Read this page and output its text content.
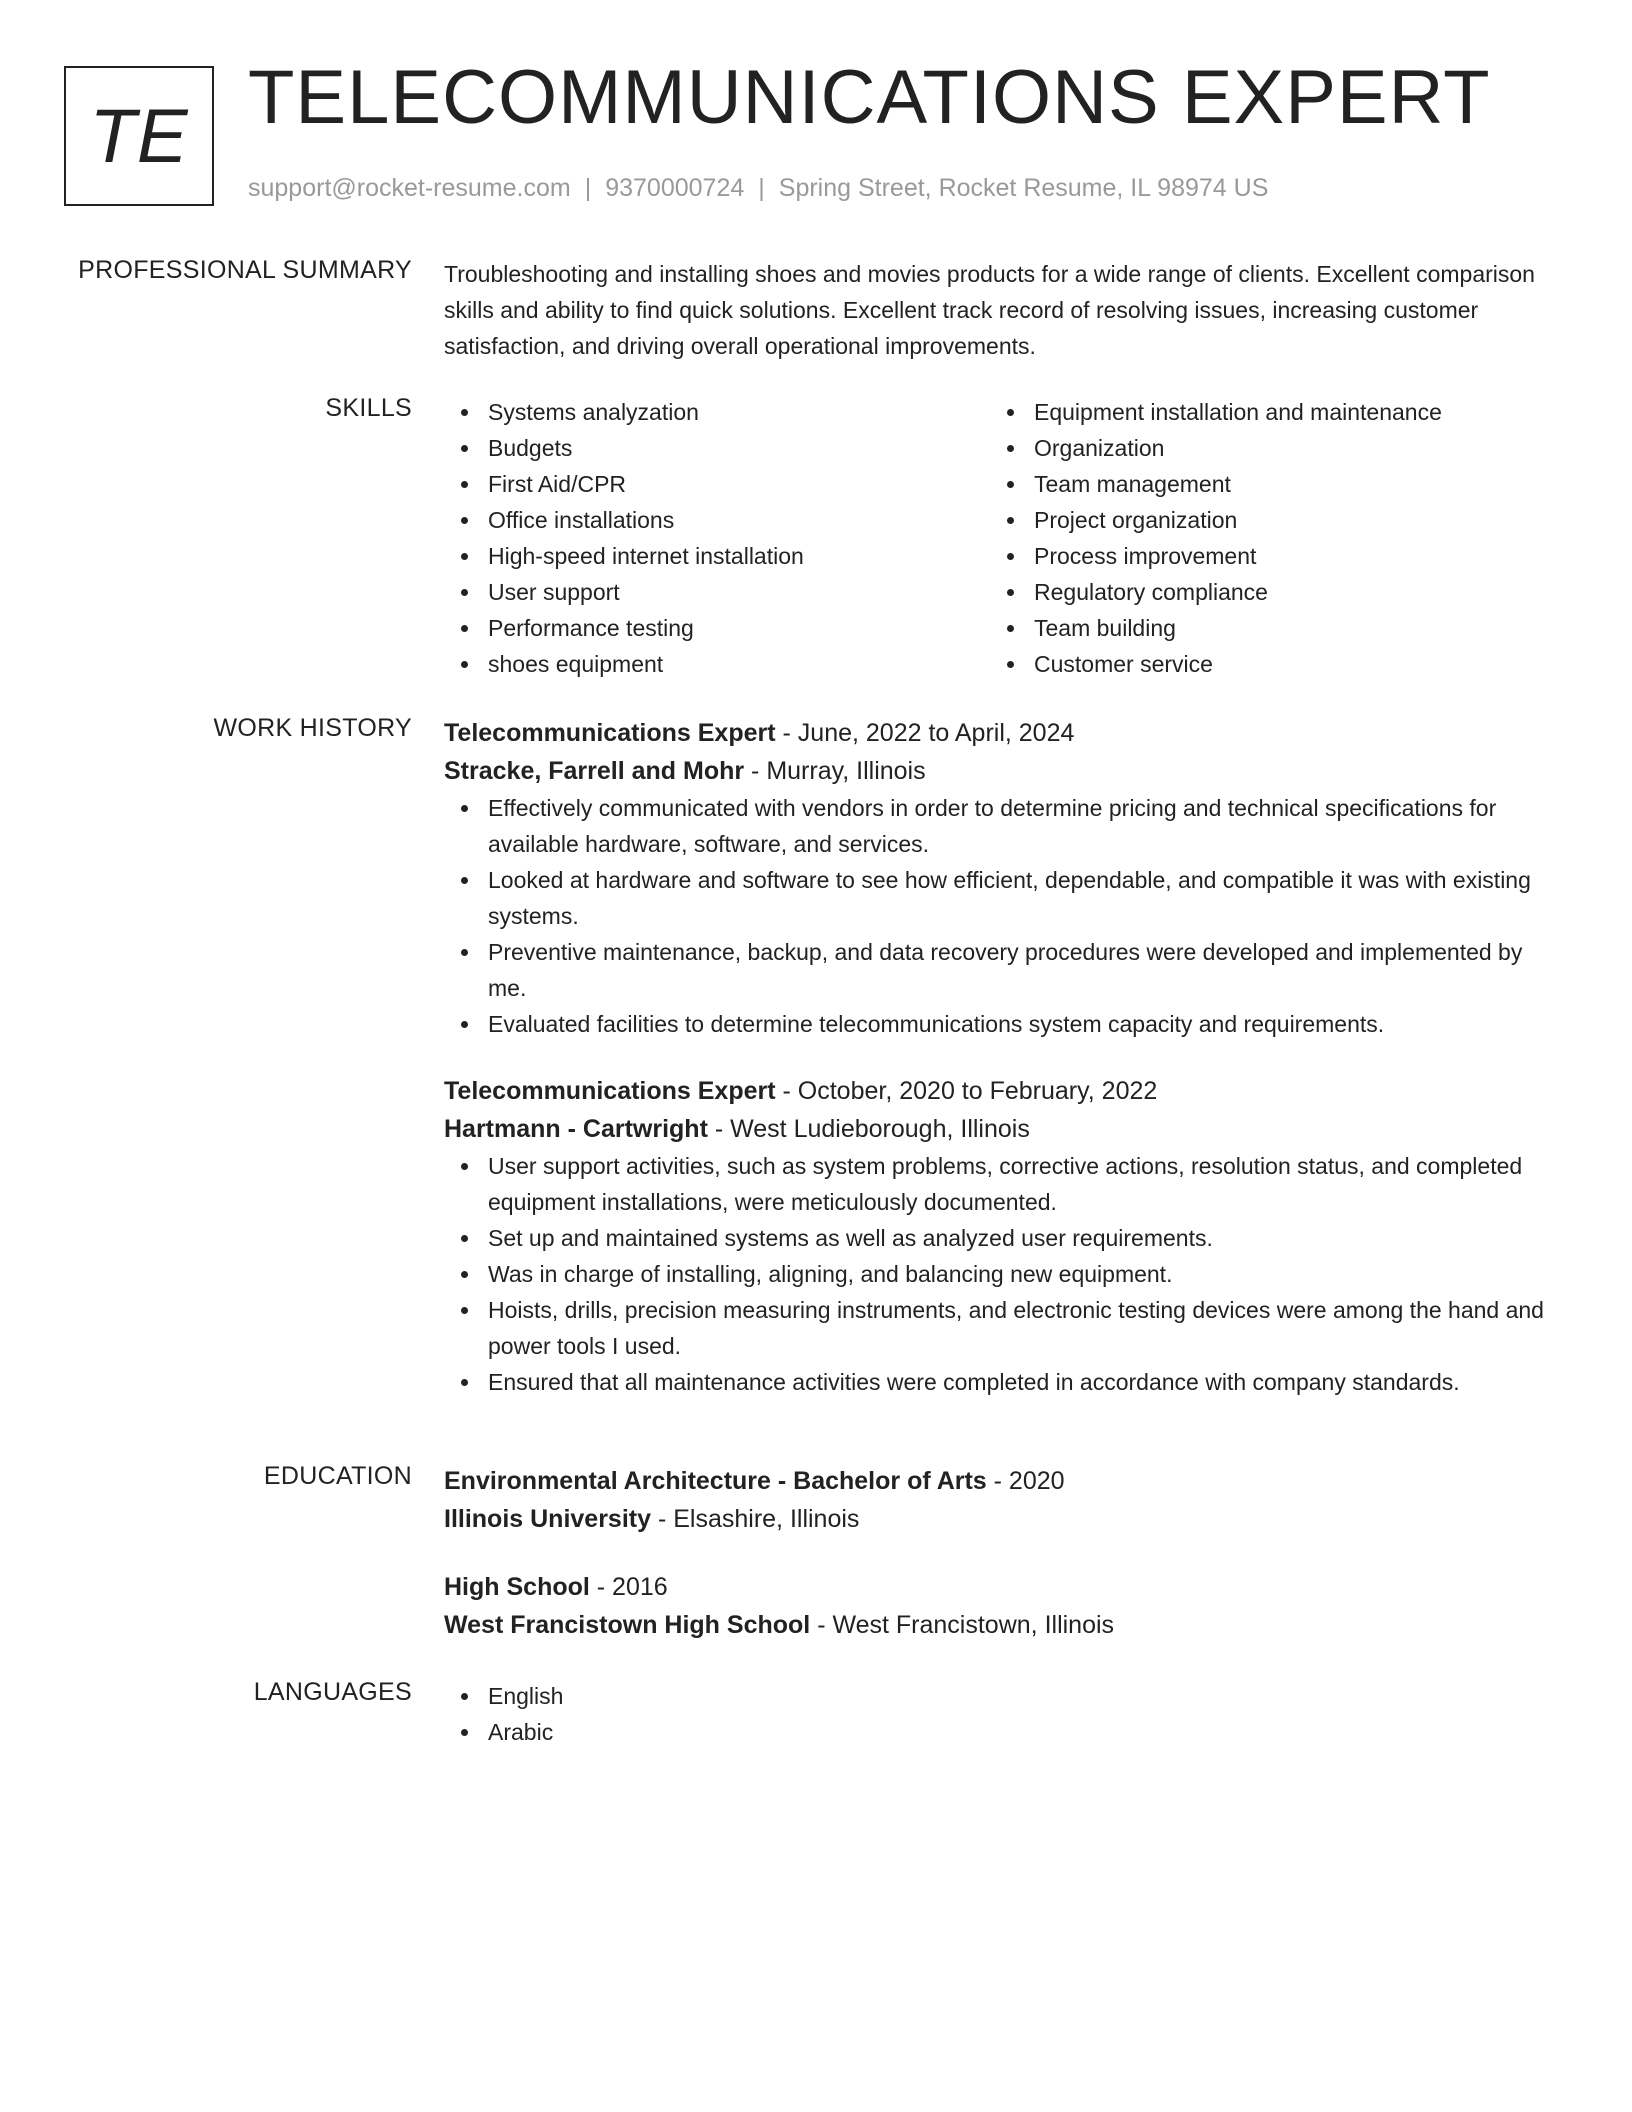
TE TELECOMMUNICATIONS EXPERT
support@rocket-resume.com | 9370000724 | Spring Street, Rocket Resume, IL 98974 US
PROFESSIONAL SUMMARY Troubleshooting and installing shoes and movies products for a wide range of clients. Excellent comparison skills and ability to find quick solutions. Excellent track record of resolving issues, increasing customer satisfaction, and driving overall operational improvements.

SKILLS	Systems analyzation
Budgets
First Aid/CPR
Office installations
High-speed internet installation
User support
Performance testing
shoes equipment
Equipment installation and maintenance
Organization
Team management
Project organization
Process improvement
Regulatory compliance
Team building
Customer service
WORK HISTORY Telecommunications Expert - June, 2022 to April, 2024
Stracke, Farrell and Mohr - Murray, Illinois
Effectively communicated with vendors in order to determine pricing and technical specifications for available hardware, software, and services.
Looked at hardware and software to see how efficient, dependable, and compatible it was with existing systems.
Preventive maintenance, backup, and data recovery procedures were developed and implemented by me.
Evaluated facilities to determine telecommunications system capacity and requirements.
Telecommunications Expert - October, 2020 to February, 2022
Hartmann - Cartwright - West Ludieborough, Illinois
User support activities, such as system problems, corrective actions, resolution status, and completed equipment installations, were meticulously documented.
Set up and maintained systems as well as analyzed user requirements.
Was in charge of installing, aligning, and balancing new equipment.
Hoists, drills, precision measuring instruments, and electronic testing devices were among the hand and power tools I used.
Ensured that all maintenance activities were completed in accordance with company standards.
EDUCATION Environmental Architecture - Bachelor of Arts - 2020
Illinois University - Elsashire, Illinois
High School - 2016
West Francistown High School - West Francistown, Illinois
LANGUAGES	English
Arabic
